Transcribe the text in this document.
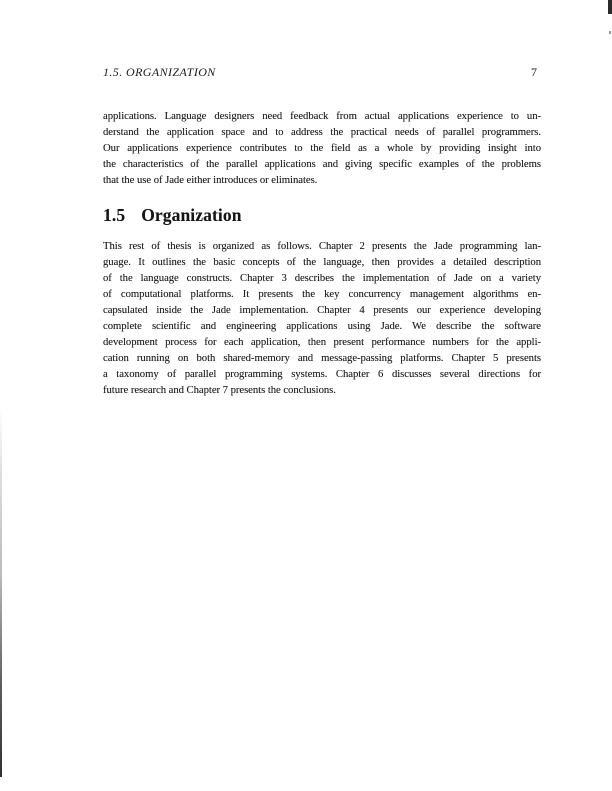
1.5. ORGANIZATION	7
applications. Language designers need feedback from actual applications experience to un-
derstand the application space and to address the practical needs of parallel programmers.
Our applications experience contributes to the field as a whole by providing insight into
the characteristics of the parallel applications and giving specific examples of the problems
that the use of Jade either introduces or eliminates.
1.5 Organization
This rest of thesis is organized as follows. Chapter 2 presents the Jade programming lan-
guage. It outlines the basic concepts of the language, then provides a detailed description
of the language constructs. Chapter 3 describes the implementation of Jade on a variety
of computational platforms. It presents the key concurrency management algorithms en-
capsulated inside the Jade implementation. Chapter 4 presents our experience developing
complete scientific and engineering applications using Jade. We describe the software
development process for each application, then present performance numbers for the appli-
cation running on both shared-memory and message-passing platforms. Chapter 5 presents
a taxonomy of parallel programming systems. Chapter 6 discusses several directions for
future research and Chapter 7 presents the conclusions.
